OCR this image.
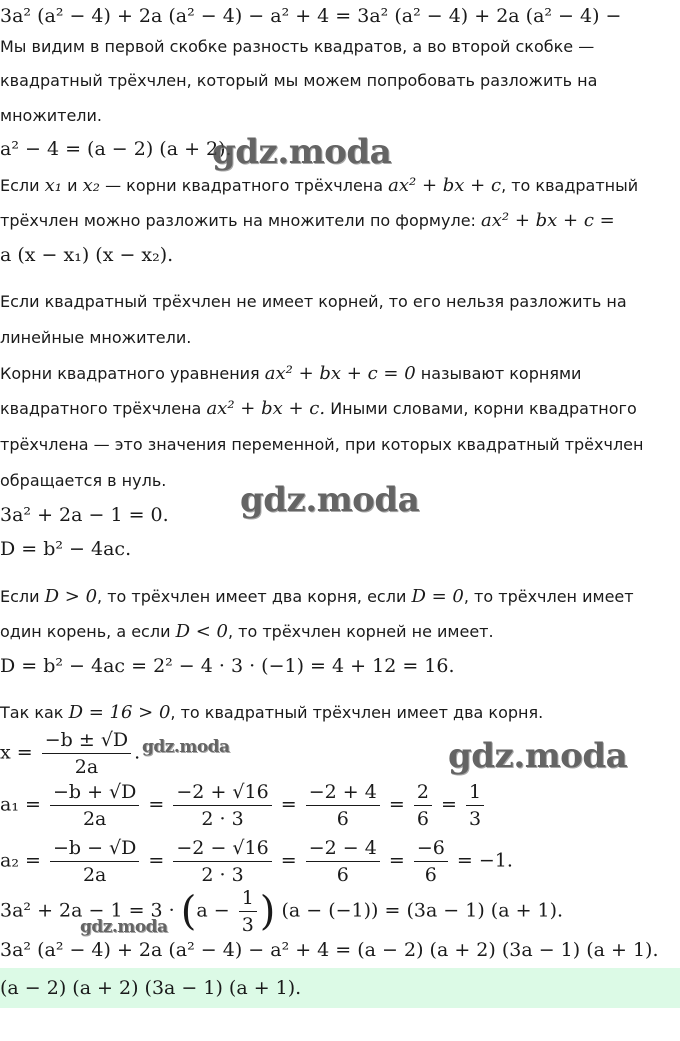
3a² (a² − 4) + 2a (a² − 4) − a² + 4 = 3a² (a² − 4) + 2a (a² − 4) −
Мы видим в первой скобке разность квадратов, а во второй скобке —
квадратный трёхчлен, который мы можем попробовать разложить на
множители.
a² − 4 = (a − 2) (a + 2).
Если x₁ и x₂ — корни квадратного трёхчлена ax² + bx + c, то квадратный
трёхчлен можно разложить на множители по формуле: ax² + bx + c =
a (x − x₁) (x − x₂).
Если квадратный трёхчлен не имеет корней, то его нельзя разложить на
линейные множители.
Корни квадратного уравнения ax² + bx + c = 0 называют корнями
квадратного трёхчлена ax² + bx + c. Иными словами, корни квадратного
трёхчлена — это значения переменной, при которых квадратный трёхчлен
обращается в нуль.
3a² + 2a − 1 = 0.
D = b² − 4ac.
Если D > 0, то трёхчлен имеет два корня, если D = 0, то трёхчлен имеет
один корень, а если D < 0, то трёхчлен корней не имеет.
D = b² − 4ac = 2² − 4 · 3 · (−1) = 4 + 12 = 16.
Так как D = 16 > 0, то квадратный трёхчлен имеет два корня.
$x = \frac{-b \pm √D}{2a}$ .
$a_1 = \frac{-b + √D}{2a} = \frac{-2 + √16}{2 \cdot 3} = \frac{-2 + 4}{6} = \frac{2}{6} = \frac{1}{3}$
$a_2 = \frac{-b - √D}{2a} = \frac{-2 - √16}{2 \cdot 3} = \frac{-2 - 4}{6} = \frac{-6}{6} = -1$.
$3a^2 + 2a - 1 = 3 \cdot (a - \frac{1}{3}$ ) (a − (−1)) = (3a − 1) (a + 1).
3a² (a² − 4) + 2a (a² − 4) − a² + 4 = (a − 2) (a + 2) (3a − 1) (a + 1).
(a − 2) (a + 2) (3a − 1) (a + 1).
gdz.moda
gdz.moda
gdz.moda
gdz.moda
gdz.moda
